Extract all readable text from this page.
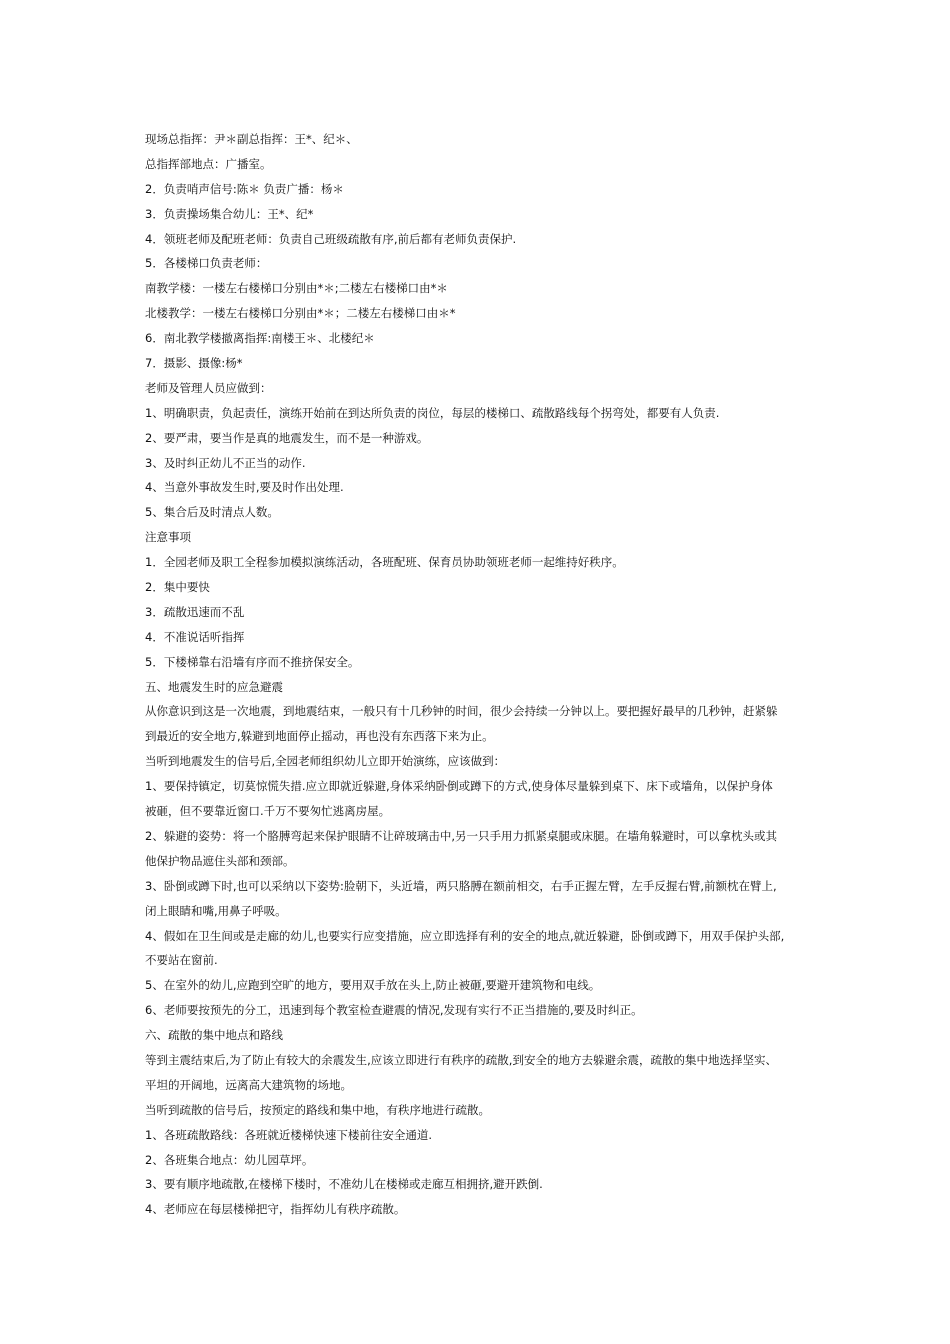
现场总指挥：尹＊副总指挥：王*、纪＊、
总指挥部地点：广播室。
2．负责哨声信号:陈＊ 负责广播：杨＊
3．负责操场集合幼儿：王*、纪*
4．领班老师及配班老师：负责自己班级疏散有序,前后都有老师负责保护.
5．各楼梯口负责老师：
南教学楼：一楼左右楼梯口分别由*＊;二楼左右楼梯口由*＊
北楼教学：一楼左右楼梯口分别由*＊；二楼左右楼梯口由＊*
6．南北教学楼撤离指挥:南楼王＊、北楼纪＊
7．摄影、摄像:杨*
老师及管理人员应做到：
1、明确职责，负起责任，演练开始前在到达所负责的岗位，每层的楼梯口、疏散路线每个拐弯处，都要有人负责.
2、要严肃，要当作是真的地震发生，而不是一种游戏。
3、及时纠正幼儿不正当的动作.
4、当意外事故发生时,要及时作出处理.
5、集合后及时清点人数。
注意事项
1．全园老师及职工全程参加模拟演练活动，各班配班、保育员协助领班老师一起维持好秩序。
2．集中要快
3．疏散迅速而不乱
4．不准说话听指挥
5．下楼梯靠右沿墙有序而不推挤保安全。
五、地震发生时的应急避震
从你意识到这是一次地震，到地震结束，一般只有十几秒钟的时间，很少会持续一分钟以上。要把握好最早的几秒钟，赶紧躲
到最近的安全地方,躲避到地面停止摇动，再也没有东西落下来为止。
当听到地震发生的信号后,全园老师组织幼儿立即开始演练，应该做到：
1、要保持镇定，切莫惊慌失措.应立即就近躲避,身体采纳卧倒或蹲下的方式,使身体尽量躲到桌下、床下或墙角，以保护身体
被砸，但不要靠近窗口.千万不要匆忙逃离房屋。
2、躲避的姿势：将一个胳膊弯起来保护眼睛不让碎玻璃击中,另一只手用力抓紧桌腿或床腿。在墙角躲避时，可以拿枕头或其
他保护物品遮住头部和颈部。
3、卧倒或蹲下时,也可以采纳以下姿势:脸朝下，头近墙，两只胳膊在额前相交，右手正握左臂，左手反握右臂,前额枕在臂上,
闭上眼睛和嘴,用鼻子呼吸。
4、假如在卫生间或是走廊的幼儿,也要实行应变措施，应立即选择有利的安全的地点,就近躲避，卧倒或蹲下，用双手保护头部,
不要站在窗前.
5、在室外的幼儿,应跑到空旷的地方，要用双手放在头上,防止被砸,要避开建筑物和电线。
6、老师要按预先的分工，迅速到每个教室检查避震的情况,发现有实行不正当措施的,要及时纠正。
六、疏散的集中地点和路线
等到主震结束后,为了防止有较大的余震发生,应该立即进行有秩序的疏散,到安全的地方去躲避余震，疏散的集中地选择坚实、
平坦的开阔地，远离高大建筑物的场地。
当听到疏散的信号后，按预定的路线和集中地，有秩序地进行疏散。
1、各班疏散路线：各班就近楼梯快速下楼前往安全通道.
2、各班集合地点：幼儿园草坪。
3、要有顺序地疏散,在楼梯下楼时，不准幼儿在楼梯或走廊互相拥挤,避开跌倒.
4、老师应在每层楼梯把守，指挥幼儿有秩序疏散。
